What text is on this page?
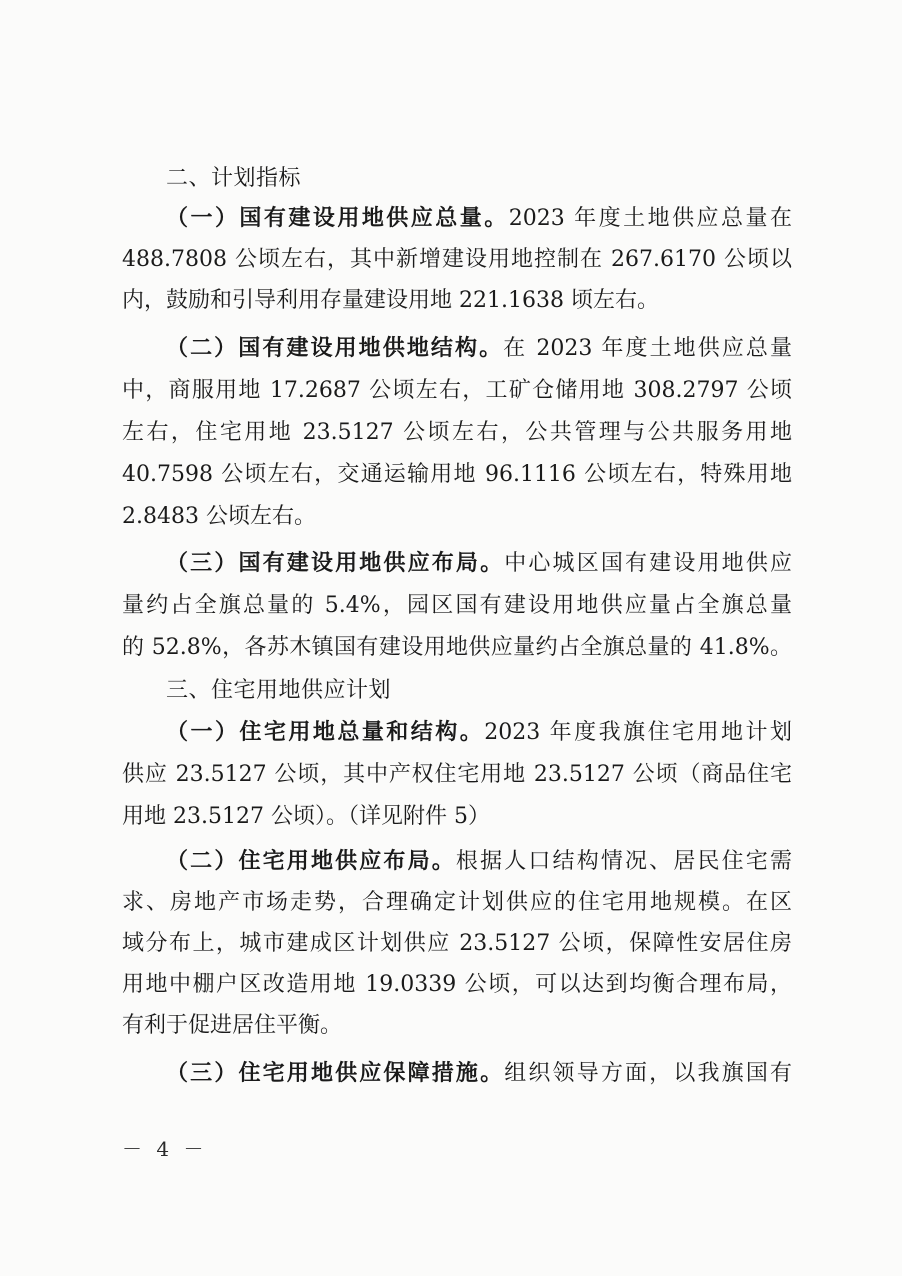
二、计划指标
（一）国有建设用地供应总量。2023 年度土地供应总量在
488.7808 公顷左右，其中新增建设用地控制在 267.6170 公顷以
内，鼓励和引导利用存量建设用地 221.1638 顷左右。
（二）国有建设用地供地结构。在 2023 年度土地供应总量
中，商服用地 17.2687 公顷左右，工矿仓储用地 308.2797 公顷
左右，住宅用地 23.5127 公顷左右，公共管理与公共服务用地
40.7598 公顷左右，交通运输用地 96.1116 公顷左右，特殊用地
2.8483 公顷左右。
（三）国有建设用地供应布局。中心城区国有建设用地供应
量约占全旗总量的 5.4%，园区国有建设用地供应量占全旗总量
的 52.8%，各苏木镇国有建设用地供应量约占全旗总量的 41.8%。
三、住宅用地供应计划
（一）住宅用地总量和结构。2023 年度我旗住宅用地计划
供应 23.5127 公顷，其中产权住宅用地 23.5127 公顷（商品住宅
用地 23.5127 公顷）。（详见附件 5）
（二）住宅用地供应布局。根据人口结构情况、居民住宅需
求、房地产市场走势，合理确定计划供应的住宅用地规模。在区
域分布上，城市建成区计划供应 23.5127 公顷，保障性安居住房
用地中棚户区改造用地 19.0339 公顷，可以达到均衡合理布局，
有利于促进居住平衡。
（三）住宅用地供应保障措施。组织领导方面，以我旗国有
－ 4 －
